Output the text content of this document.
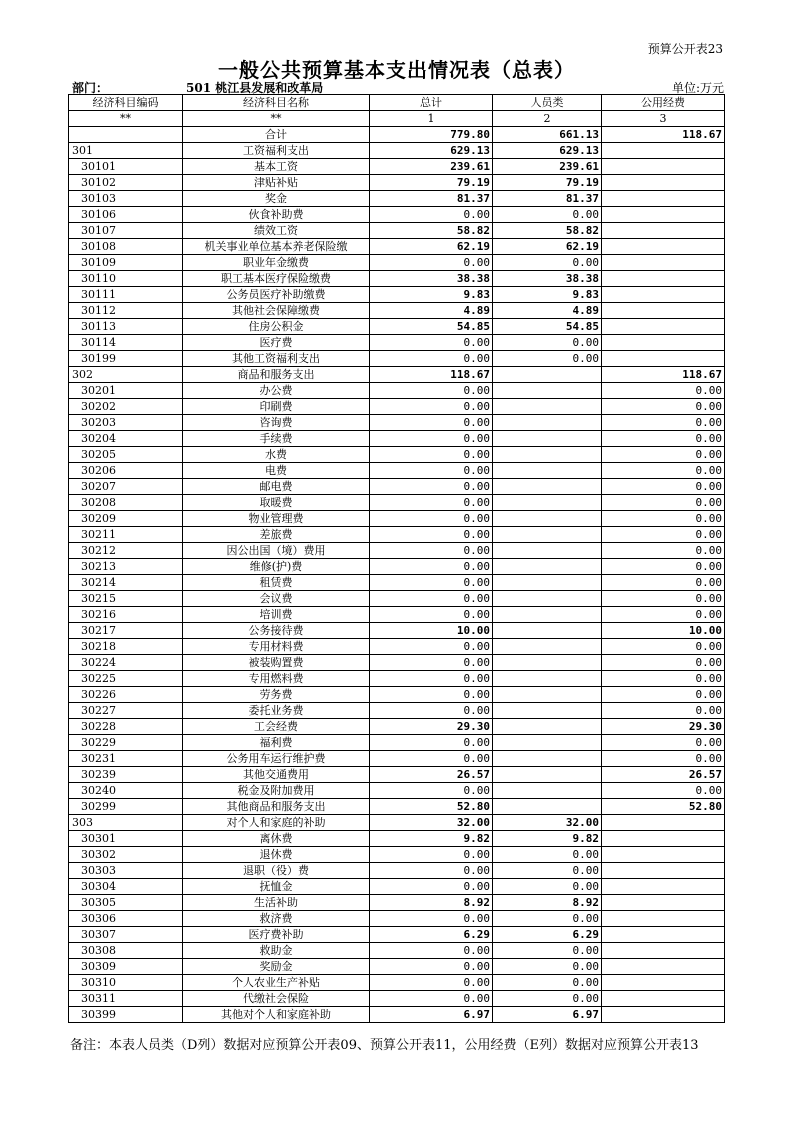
预算公开表23
一般公共预算基本支出情况表（总表）
部门：	501 桃江县发展和改革局	单位:万元
经济科目编码	经济科目名称	总计	人员类	公用经费
**	**	1	2	3
	合计	779.80	661.13	118.67
301	工资福利支出	629.13	629.13	
30101	基本工资	239.61	239.61	
30102	津贴补贴	79.19	79.19	
30103	奖金	81.37	81.37	
30106	伙食补助费	0.00	0.00	
30107	绩效工资	58.82	58.82	
30108	机关事业单位基本养老保险缴	62.19	62.19	
30109	职业年金缴费	0.00	0.00	
30110	职工基本医疗保险缴费	38.38	38.38	
30111	公务员医疗补助缴费	9.83	9.83	
30112	其他社会保障缴费	4.89	4.89	
30113	住房公积金	54.85	54.85	
30114	医疗费	0.00	0.00	
30199	其他工资福利支出	0.00	0.00	
302	商品和服务支出	118.67		118.67
30201	办公费	0.00		0.00
30202	印刷费	0.00		0.00
30203	咨询费	0.00		0.00
30204	手续费	0.00		0.00
30205	水费	0.00		0.00
30206	电费	0.00		0.00
30207	邮电费	0.00		0.00
30208	取暖费	0.00		0.00
30209	物业管理费	0.00		0.00
30211	差旅费	0.00		0.00
30212	因公出国（境）费用	0.00		0.00
30213	维修(护)费	0.00		0.00
30214	租赁费	0.00		0.00
30215	会议费	0.00		0.00
30216	培训费	0.00		0.00
30217	公务接待费	10.00		10.00
30218	专用材料费	0.00		0.00
30224	被装购置费	0.00		0.00
30225	专用燃料费	0.00		0.00
30226	劳务费	0.00		0.00
30227	委托业务费	0.00		0.00
30228	工会经费	29.30		29.30
30229	福利费	0.00		0.00
30231	公务用车运行维护费	0.00		0.00
30239	其他交通费用	26.57		26.57
30240	税金及附加费用	0.00		0.00
30299	其他商品和服务支出	52.80		52.80
303	对个人和家庭的补助	32.00	32.00	
30301	离休费	9.82	9.82	
30302	退休费	0.00	0.00	
30303	退职（役）费	0.00	0.00	
30304	抚恤金	0.00	0.00	
30305	生活补助	8.92	8.92	
30306	救济费	0.00	0.00	
30307	医疗费补助	6.29	6.29	
30308	救助金	0.00	0.00	
30309	奖励金	0.00	0.00	
30310	个人农业生产补贴	0.00	0.00	
30311	代缴社会保险	0.00	0.00	
30399	其他对个人和家庭补助	6.97	6.97	
备注：本表人员类（D列）数据对应预算公开表09、预算公开表11，公用经费（E列）数据对应预算公开表13
